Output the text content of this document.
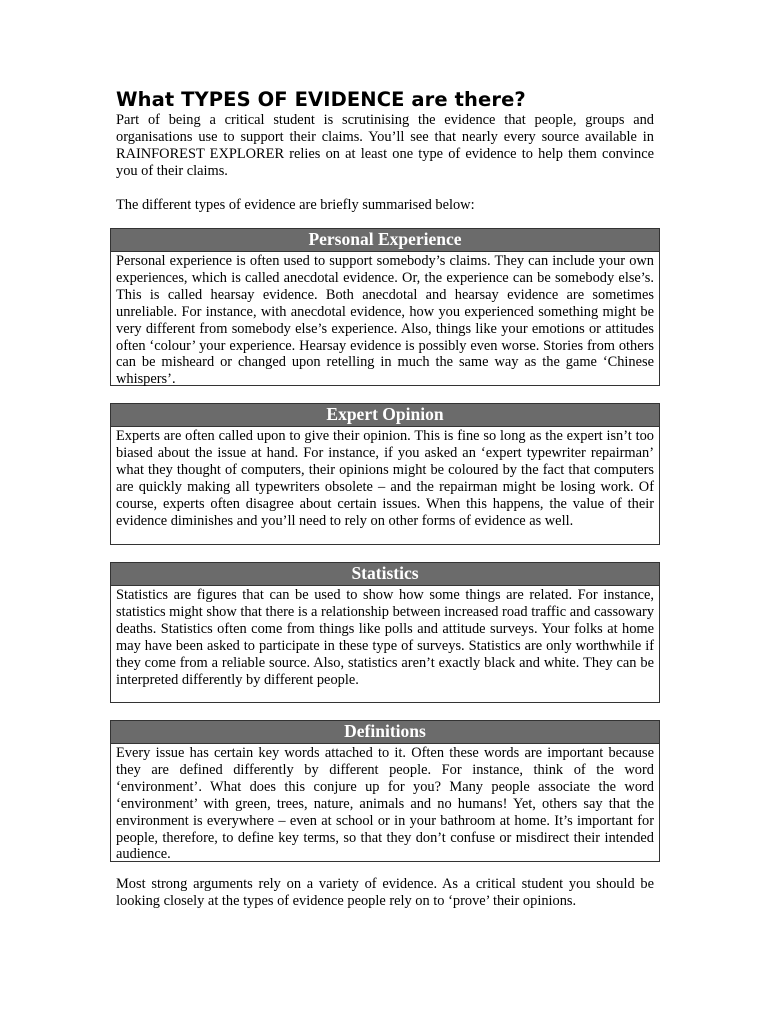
What TYPES OF EVIDENCE are there?

Part of being a critical student is scrutinising the evidence that people, groups and organisations use to support their claims. You’ll see that nearly every source available in RAINFOREST EXPLORER relies on at least one type of evidence to help them convince you of their claims.

The different types of evidence are briefly summarised below:

Personal Experience
Personal experience is often used to support somebody’s claims. They can include your own experiences, which is called anecdotal evidence. Or, the experience can be somebody else’s. This is called hearsay evidence. Both anecdotal and hearsay evidence are sometimes unreliable. For instance, with anecdotal evidence, how you experienced something might be very different from somebody else’s experience. Also, things like your emotions or attitudes often ‘colour’ your experience. Hearsay evidence is possibly even worse. Stories from others can be misheard or changed upon retelling in much the same way as the game ‘Chinese whispers’.
Expert Opinion
Experts are often called upon to give their opinion. This is fine so long as the expert isn’t too biased about the issue at hand. For instance, if you asked an ‘expert typewriter repairman’ what they thought of computers, their opinions might be coloured by the fact that computers are quickly making all typewriters obsolete – and the repairman might be losing work. Of course, experts often disagree about certain issues. When this happens, the value of their evidence diminishes and you’ll need to rely on other forms of evidence as well.
Statistics
Statistics are figures that can be used to show how some things are related. For instance, statistics might show that there is a relationship between increased road traffic and cassowary deaths. Statistics often come from things like polls and attitude surveys. Your folks at home may have been asked to participate in these type of surveys. Statistics are only worthwhile if they come from a reliable source. Also, statistics aren’t exactly black and white. They can be interpreted differently by different people.
Definitions
Every issue has certain key words attached to it. Often these words are important because they are defined differently by different people. For instance, think of the word ‘environment’. What does this conjure up for you? Many people associate the word ‘environment’ with green, trees, nature, animals and no humans! Yet, others say that the environment is everywhere – even at school or in your bathroom at home. It’s important for people, therefore, to define key terms, so that they don’t confuse or misdirect their intended audience.

Most strong arguments rely on a variety of evidence. As a critical student you should be looking closely at the types of evidence people rely on to ‘prove’ their opinions.
